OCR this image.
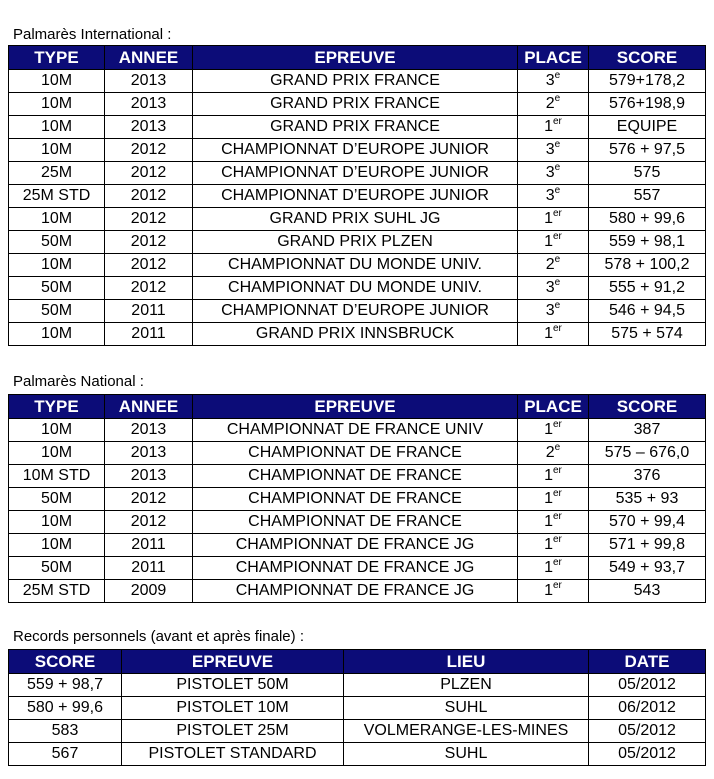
Palmarès International :
TYPE	ANNEE	EPREUVE	PLACE	SCORE
10M	2013	GRAND PRIX FRANCE	3e	579+178,2
10M	2013	GRAND PRIX FRANCE	2e	576+198,9
10M	2013	GRAND PRIX FRANCE	1er	EQUIPE
10M	2012	CHAMPIONNAT D’EUROPE JUNIOR	3e	576 + 97,5
25M	2012	CHAMPIONNAT D’EUROPE JUNIOR	3e	575
25M STD	2012	CHAMPIONNAT D’EUROPE JUNIOR	3e	557
10M	2012	GRAND PRIX SUHL JG	1er	580 + 99,6
50M	2012	GRAND PRIX PLZEN	1er	559 + 98,1
10M	2012	CHAMPIONNAT DU MONDE UNIV.	2e	578 + 100,2
50M	2012	CHAMPIONNAT DU MONDE UNIV.	3e	555 + 91,2
50M	2011	CHAMPIONNAT D’EUROPE JUNIOR	3e	546 + 94,5
10M	2011	GRAND PRIX INNSBRUCK	1er	575 + 574
Palmarès National :
TYPE	ANNEE	EPREUVE	PLACE	SCORE
10M	2013	CHAMPIONNAT DE FRANCE UNIV	1er	387
10M	2013	CHAMPIONNAT DE FRANCE	2e	575 – 676,0
10M STD	2013	CHAMPIONNAT DE FRANCE	1er	376
50M	2012	CHAMPIONNAT DE FRANCE	1er	535 + 93
10M	2012	CHAMPIONNAT DE FRANCE	1er	570 + 99,4
10M	2011	CHAMPIONNAT DE FRANCE JG	1er	571 + 99,8
50M	2011	CHAMPIONNAT DE FRANCE JG	1er	549 + 93,7
25M STD	2009	CHAMPIONNAT DE FRANCE JG	1er	543
Records personnels (avant et après finale) :
SCORE	EPREUVE	LIEU	DATE
559 + 98,7	PISTOLET 50M	PLZEN	05/2012
580 + 99,6	PISTOLET 10M	SUHL	06/2012
583	PISTOLET 25M	VOLMERANGE-LES-MINES	05/2012
567	PISTOLET STANDARD	SUHL	05/2012
